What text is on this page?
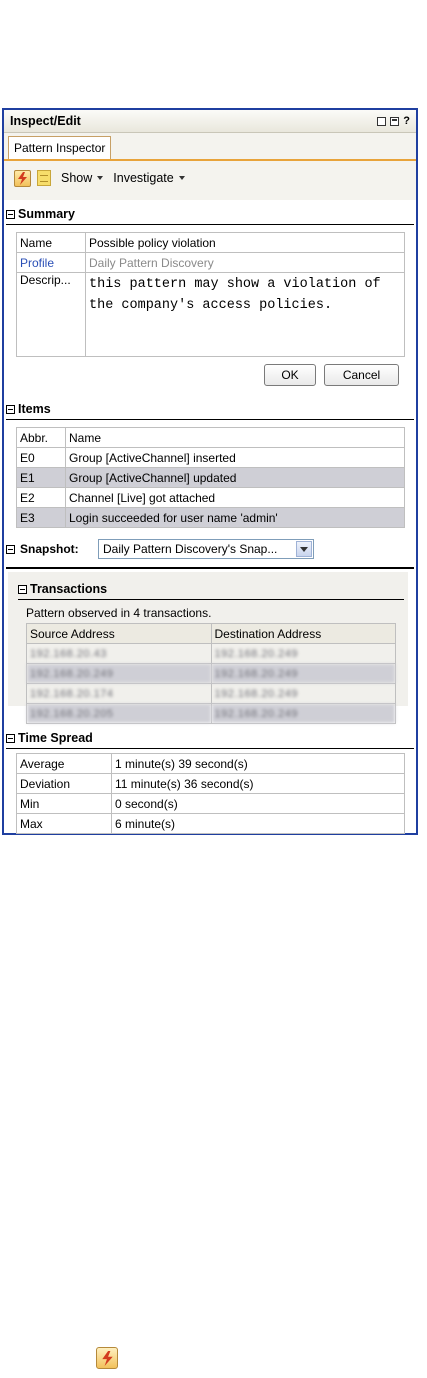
Inspect/Edit	?
Pattern Inspector
Show Investigate
Summary
Name	Possible policy violation
Profile	Daily Pattern Discovery
Descrip...	this pattern may show a violation of the company's access policies.
OK	Cancel
Items
Abbr.	Name
E0	Group [ActiveChannel] inserted
E1	Group [ActiveChannel] updated
E2	Channel [Live] got attached
E3	Login succeeded for user name 'admin'
Snapshot:	Daily Pattern Discovery's Snap...
Transactions
Pattern observed in 4 transactions.
Source Address	Destination Address
192.168.20.43	192.168.20.249
192.168.20.249	192.168.20.249
192.168.20.174	192.168.20.249
192.168.20.205	192.168.20.249
Time Spread
Average	1 minute(s) 39 second(s)
Deviation	11 minute(s) 36 second(s)
Min	0 second(s)
Max	6 minute(s)
